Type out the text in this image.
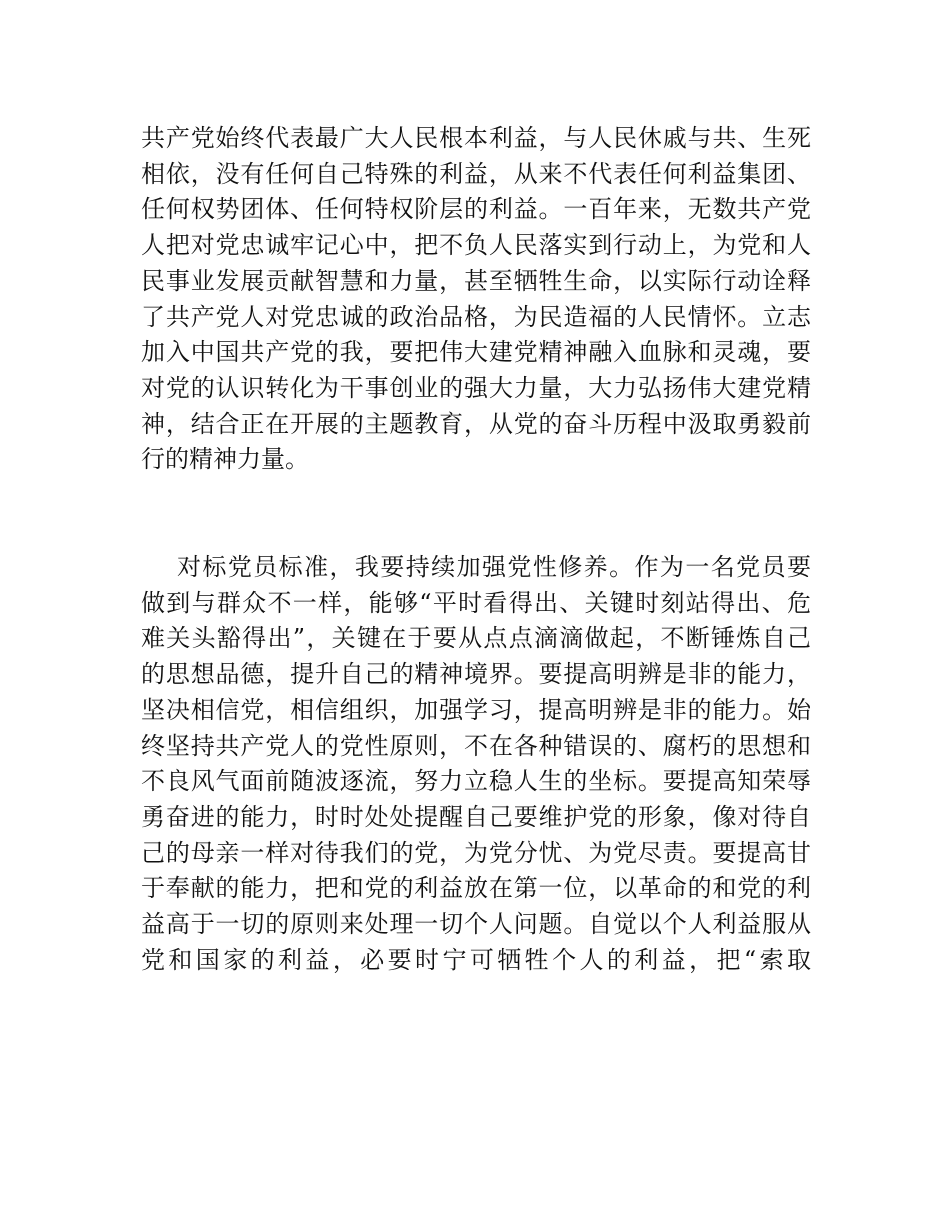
共产党始终代表最广大人民根本利益，与人民休戚与共、生死
相依，没有任何自己特殊的利益，从来不代表任何利益集团、
任何权势团体、任何特权阶层的利益。一百年来，无数共产党
人把对党忠诚牢记心中，把不负人民落实到行动上，为党和人
民事业发展贡献智慧和力量，甚至牺牲生命，以实际行动诠释
了共产党人对党忠诚的政治品格，为民造福的人民情怀。立志
加入中国共产党的我，要把伟大建党精神融入血脉和灵魂，要
对党的认识转化为干事创业的强大力量，大力弘扬伟大建党精
神，结合正在开展的主题教育，从党的奋斗历程中汲取勇毅前
行的精神力量。
对标党员标准，我要持续加强党性修养。作为一名党员要
做到与群众不一样，能够“平时看得出、关键时刻站得出、危
难关头豁得出”，关键在于要从点点滴滴做起，不断锤炼自己
的思想品德，提升自己的精神境界。要提高明辨是非的能力，
坚决相信党，相信组织，加强学习，提高明辨是非的能力。始
终坚持共产党人的党性原则，不在各种错误的、腐朽的思想和
不良风气面前随波逐流，努力立稳人生的坐标。要提高知荣辱
勇奋进的能力，时时处处提醒自己要维护党的形象，像对待自
己的母亲一样对待我们的党，为党分忧、为党尽责。要提高甘
于奉献的能力，把和党的利益放在第一位，以革命的和党的利
益高于一切的原则来处理一切个人问题。自觉以个人利益服从
党和国家的利益，必要时宁可牺牲个人的利益，把“索取
